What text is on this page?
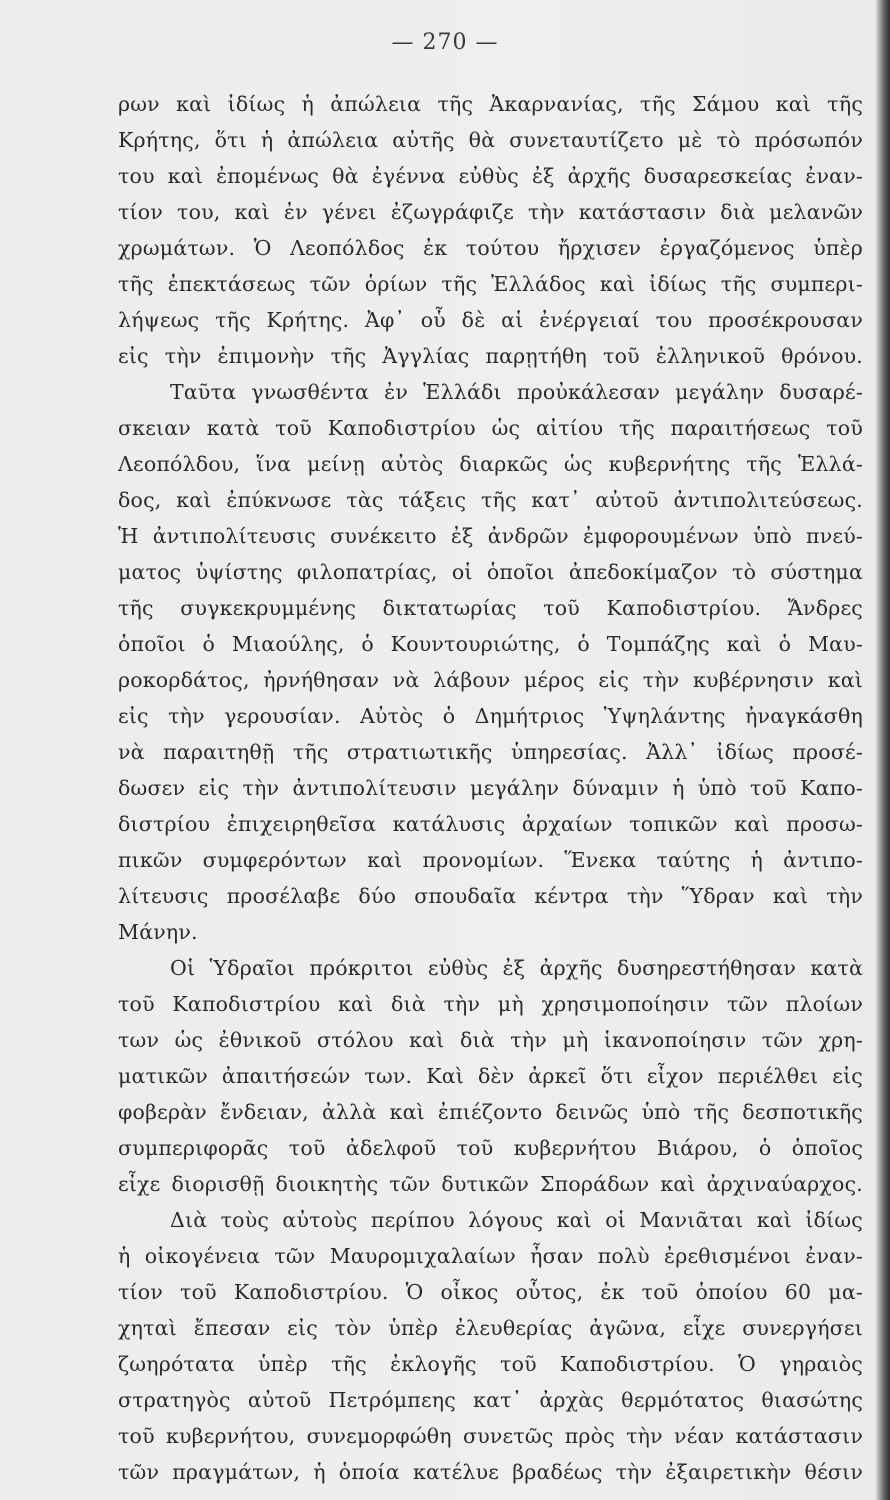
— 270 —
ρων καὶ ἰδίως ἡ ἀπώλεια τῆς Ἀκαρνανίας, τῆς Σάμου καὶ τῆς
Κρήτης, ὅτι ἡ ἀπώλεια αὐτῆς θὰ συνεταυτίζετο μὲ τὸ πρόσωπόν
του καὶ ἐπομένως θὰ ἐγέννα εὐθὺς ἐξ ἀρχῆς δυσαρεσκείας ἐναν-
τίον του, καὶ ἐν γένει ἐζωγράφιζε τὴν κατάστασιν διὰ μελανῶν
χρωμάτων. Ὁ Λεοπόλδος ἐκ τούτου ἤρχισεν ἐργαζόμενος ὑπὲρ
τῆς ἐπεκτάσεως τῶν ὁρίων τῆς Ἑλλάδος καὶ ἰδίως τῆς συμπερι-
λήψεως τῆς Κρήτης. Ἀφ᾽ οὗ δὲ αἱ ἐνέργειαί του προσέκρουσαν
εἰς τὴν ἐπιμονὴν τῆς Ἀγγλίας παρῃτήθη τοῦ ἑλληνικοῦ θρόνου.
Ταῦτα γνωσθέντα ἐν Ἑλλάδι προὐκάλεσαν μεγάλην δυσαρέ-
σκειαν κατὰ τοῦ Καποδιστρίου ὡς αἰτίου τῆς παραιτήσεως τοῦ
Λεοπόλδου, ἵνα μείνῃ αὐτὸς διαρκῶς ὡς κυβερνήτης τῆς Ἑλλά-
δος, καὶ ἐπύκνωσε τὰς τάξεις τῆς κατ᾽ αὐτοῦ ἀντιπολιτεύσεως.
Ἡ ἀντιπολίτευσις συνέκειτο ἐξ ἀνδρῶν ἐμφορουμένων ὑπὸ πνεύ-
ματος ὑψίστης φιλοπατρίας, οἱ ὁποῖοι ἀπεδοκίμαζον τὸ σύστημα
τῆς συγκεκρυμμένης δικτατωρίας τοῦ Καποδιστρίου. Ἄνδρες
ὁποῖοι ὁ Μιαούλης, ὁ Κουντουριώτης, ὁ Τομπάζης καὶ ὁ Μαυ-
ροκορδάτος, ἠρνήθησαν νὰ λάβουν μέρος εἰς τὴν κυβέρνησιν καὶ
εἰς τὴν γερουσίαν. Αὐτὸς ὁ Δημήτριος Ὑψηλάντης ἠναγκάσθη
νὰ παραιτηθῇ τῆς στρατιωτικῆς ὑπηρεσίας. Ἀλλ᾽ ἰδίως προσέ-
δωσεν εἰς τὴν ἀντιπολίτευσιν μεγάλην δύναμιν ἡ ὑπὸ τοῦ Καπο-
διστρίου ἐπιχειρηθεῖσα κατάλυσις ἀρχαίων τοπικῶν καὶ προσω-
πικῶν συμφερόντων καὶ προνομίων. Ἕνεκα ταύτης ἡ ἀντιπο-
λίτευσις προσέλαβε δύο σπουδαῖα κέντρα τὴν Ὕδραν καὶ τὴν
Μάνην.
Οἱ Ὑδραῖοι πρόκριτοι εὐθὺς ἐξ ἀρχῆς δυσηρεστήθησαν κατὰ
τοῦ Καποδιστρίου καὶ διὰ τὴν μὴ χρησιμοποίησιν τῶν πλοίων
των ὡς ἐθνικοῦ στόλου καὶ διὰ τὴν μὴ ἱκανοποίησιν τῶν χρη-
ματικῶν ἀπαιτήσεών των. Καὶ δὲν ἀρκεῖ ὅτι εἶχον περιέλθει εἰς
φοβερὰν ἔνδειαν, ἀλλὰ καὶ ἐπιέζοντο δεινῶς ὑπὸ τῆς δεσποτικῆς
συμπεριφορᾶς τοῦ ἀδελφοῦ τοῦ κυβερνήτου Βιάρου, ὁ ὁποῖος
εἶχε διορισθῇ διοικητὴς τῶν δυτικῶν Σποράδων καὶ ἀρχιναύαρχος.
Διὰ τοὺς αὐτοὺς περίπου λόγους καὶ οἱ Μανιᾶται καὶ ἰδίως
ἡ οἰκογένεια τῶν Μαυρομιχαλαίων ἦσαν πολὺ ἐρεθισμένοι ἐναν-
τίον τοῦ Καποδιστρίου. Ὁ οἶκος οὗτος, ἐκ τοῦ ὁποίου 60 μα-
χηταὶ ἔπεσαν εἰς τὸν ὑπὲρ ἐλευθερίας ἀγῶνα, εἶχε συνεργήσει
ζωηρότατα ὑπὲρ τῆς ἐκλογῆς τοῦ Καποδιστρίου. Ὁ γηραιὸς
στρατηγὸς αὐτοῦ Πετρόμπεης κατ᾽ ἀρχὰς θερμότατος θιασώτης
τοῦ κυβερνήτου, συνεμορφώθη συνετῶς πρὸς τὴν νέαν κατάστασιν
τῶν πραγμάτων, ἡ ὁποία κατέλυε βραδέως τὴν ἐξαιρετικὴν θέσιν
